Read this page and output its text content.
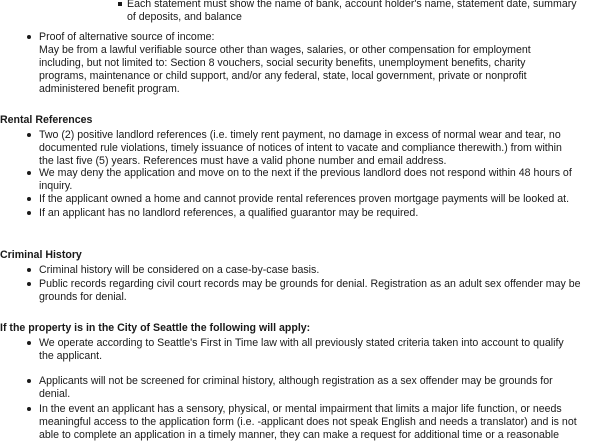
Each statement must show the name of bank, account holder's name, statement date, summary
of deposits, and balance
Proof of alternative source of income:
May be from a lawful verifiable source other than wages, salaries, or other compensation for employment
including, but not limited to: Section 8 vouchers, social security benefits, unemployment benefits, charity
programs, maintenance or child support, and/or any federal, state, local government, private or nonprofit
administered benefit program.
Rental References
Two (2) positive landlord references (i.e. timely rent payment, no damage in excess of normal wear and tear, no
documented rule violations, timely issuance of notices of intent to vacate and compliance therewith.) from within
the last five (5) years. References must have a valid phone number and email address.
We may deny the application and move on to the next if the previous landlord does not respond within 48 hours of
inquiry.
If the applicant owned a home and cannot provide rental references proven mortgage payments will be looked at.
If an applicant has no landlord references, a qualified guarantor may be required.
Criminal History
Criminal history will be considered on a case-by-case basis.
Public records regarding civil court records may be grounds for denial. Registration as an adult sex offender may be
grounds for denial.
If the property is in the City of Seattle the following will apply:
We operate according to Seattle's First in Time law with all previously stated criteria taken into account to qualify
the applicant.
Applicants will not be screened for criminal history, although registration as a sex offender may be grounds for
denial.
In the event an applicant has a sensory, physical, or mental impairment that limits a major life function, or needs
meaningful access to the application form (i.e. -applicant does not speak English and needs a translator) and is not
able to complete an application in a timely manner, they can make a request for additional time or a reasonable
